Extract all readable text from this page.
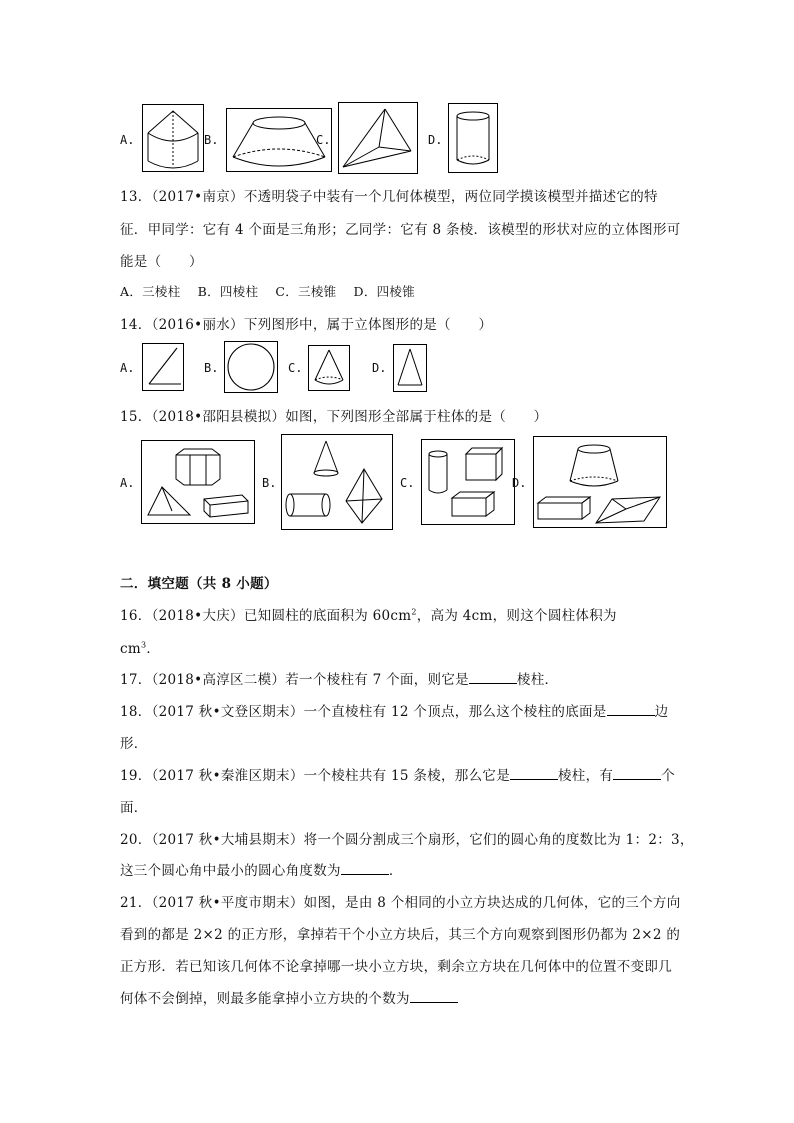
A.	B.	C.	D.
13．（2017•南京）不透明袋子中装有一个几何体模型，两位同学摸该模型并描述它的特
征．甲同学：它有 4 个面是三角形；乙同学：它有 8 条棱．该模型的形状对应的立体图形可
能是（　　）
A．三棱柱　 B．四棱柱　 C．三棱锥　 D．四棱锥
14．（2016•丽水）下列图形中，属于立体图形的是（　　）
A.	B.	C.	D.
15．（2018•邵阳县模拟）如图，下列图形全部属于柱体的是（　　）
A.	B.	C.	D.
二．填空题（共 8 小题）
16．（2018•大庆）已知圆柱的底面积为 $60cm^2$，高为 4cm，则这个圆柱体积为
$cm^3$．
17．（2018•高淳区二模）若一个棱柱有 7 个面，则它是	棱柱．
18．（2017 秋•文登区期末）一个直棱柱有 12 个顶点，那么这个棱柱的底面是	边
形．
19．（2017 秋•秦淮区期末）一个棱柱共有 15 条棱，那么它是	棱柱，有	个
面．
20．（2017 秋•大埔县期末）将一个圆分割成三个扇形，它们的圆心角的度数比为 1：2：3，
这三个圆心角中最小的圆心角度数为	．
21．（2017 秋•平度市期末）如图，是由 8 个相同的小立方块达成的几何体，它的三个方向
看到的都是 2×2 的正方形，拿掉若干个小立方块后，其三个方向观察到图形仍都为 2×2 的
正方形．若已知该几何体不论拿掉哪一块小立方块，剩余立方块在几何体中的位置不变即几
何体不会倒掉，则最多能拿掉小立方块的个数为
